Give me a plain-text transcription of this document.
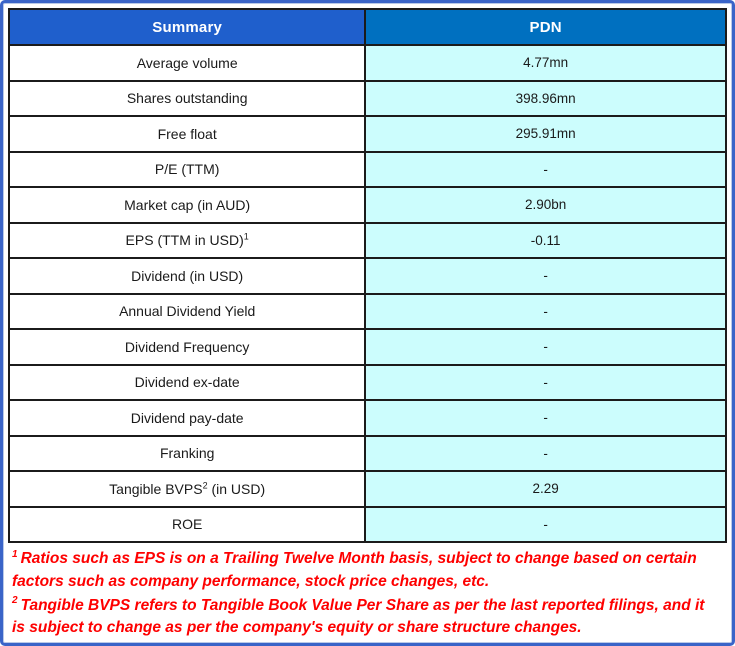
Summary	PDN
Average volume	4.77mn
Shares outstanding	398.96mn
Free float	295.91mn
P/E (TTM)	-
Market cap (in AUD)	2.90bn
EPS (TTM in USD)$^1$	-0.11
Dividend (in USD)	-
Annual Dividend Yield	-
Dividend Frequency	-
Dividend ex-date	-
Dividend pay-date	-
Franking	-
Tangible BVPS$^2$ (in USD)	2.29
ROE	-
$^1$ Ratios such as EPS is on a Trailing Twelve Month basis, subject to change based on certain factors such as company performance, stock price changes, etc.
$^2$ Tangible BVPS refers to Tangible Book Value Per Share as per the last reported filings, and it is subject to change as per the company's equity or share structure changes.
